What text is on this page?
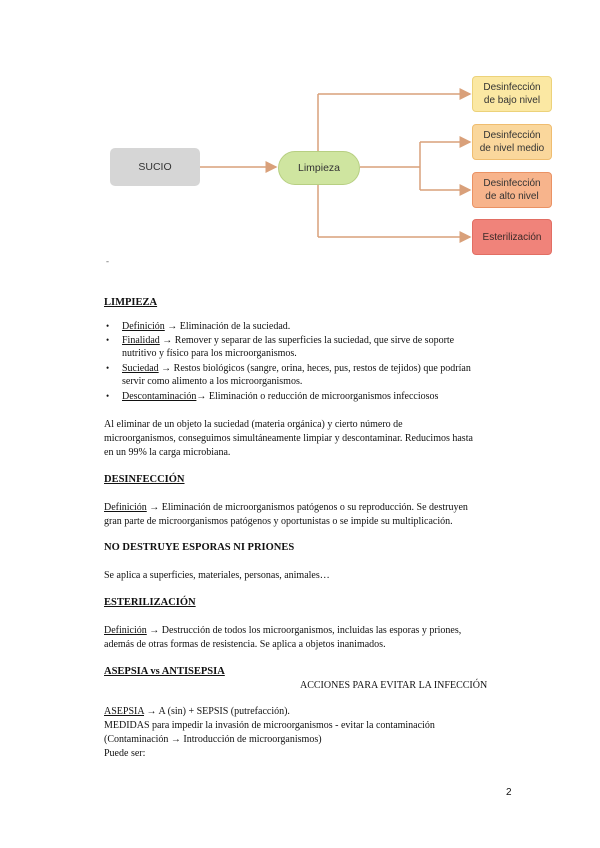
SUCIO	Limpieza
Desinfección
de bajo nivel
Desinfección
de nivel medio
Desinfección
de alto nivel
Esterilización
-
LIMPIEZA
• Definición → Eliminación de la suciedad.
• Finalidad → Remover y separar de las superficies la suciedad, que sirve de soporte
nutritivo y físico para los microorganismos.
• Suciedad → Restos biológicos (sangre, orina, heces, pus, restos de tejidos) que podrían
servir como alimento a los microorganismos.
• Descontaminación→ Eliminación o reducción de microorganismos infecciosos
Al eliminar de un objeto la suciedad (materia orgánica) y cierto número de
microorganismos, conseguimos simultáneamente limpiar y descontaminar. Reducimos hasta
en un 99% la carga microbiana.
DESINFECCIÓN
Definición → Eliminación de microorganismos patógenos o su reproducción. Se destruyen
gran parte de microorganismos patógenos y oportunistas o se impide su multiplicación.
NO DESTRUYE ESPORAS NI PRIONES
Se aplica a superficies, materiales, personas, animales…
ESTERILIZACIÓN
Definición → Destrucción de todos los microorganismos, incluidas las esporas y priones,
además de otras formas de resistencia. Se aplica a objetos inanimados.
ASEPSIA vs ANTISEPSIA
ACCIONES PARA EVITAR LA INFECCIÓN
ASEPSIA → A (sin) + SEPSIS (putrefacción).
MEDIDAS para impedir la invasión de microorganismos - evitar la contaminación
(Contaminación → Introducción de microorganismos)
Puede ser:
2
